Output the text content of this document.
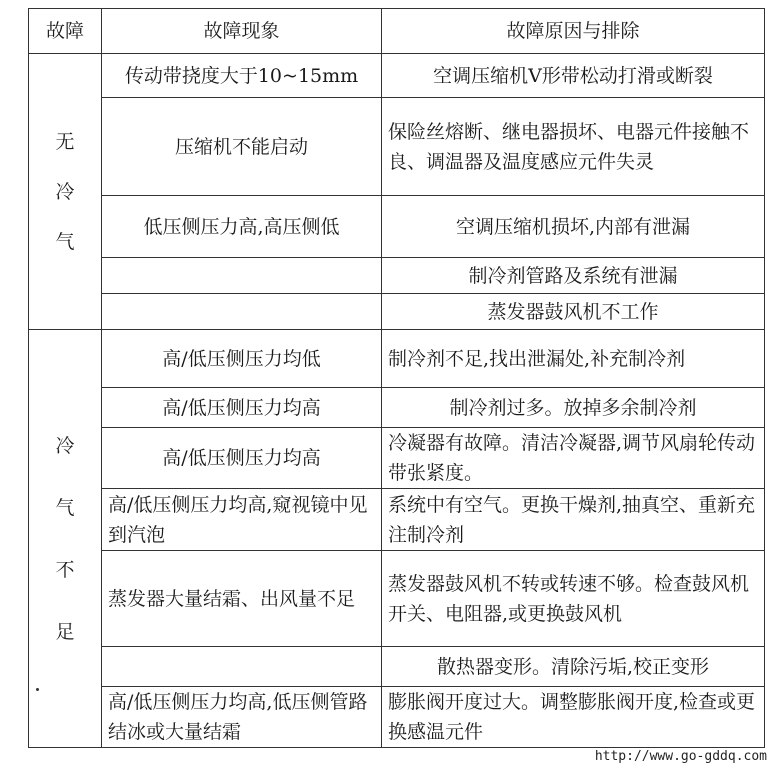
故障	故障现象	故障原因与排除

无
冷
气	传动带挠度大于10~15mm	空调压缩机V形带松动打滑或断裂
	压缩机不能启动	保险丝熔断、继电器损坏、电器元件接触不良、调温器及温度感应元件失灵
	低压侧压力高,高压侧低	空调压缩机损坏,内部有泄漏
		制冷剂管路及系统有泄漏
		蒸发器鼓风机不工作

冷
气
不
足	高/低压侧压力均低	制冷剂不足,找出泄漏处,补充制冷剂
	高/低压侧压力均高	制冷剂过多。放掉多余制冷剂
	高/低压侧压力均高	冷凝器有故障。清洁冷凝器,调节风扇轮传动带张紧度。
	高/低压侧压力均高,窥视镜中见到汽泡	系统中有空气。更换干燥剂,抽真空、重新充注制冷剂
	蒸发器大量结霜、出风量不足	蒸发器鼓风机不转或转速不够。检查鼓风机开关、电阻器,或更换鼓风机
		散热器变形。清除污垢,校正变形
	高/低压侧压力均高,低压侧管路结冰或大量结霜	膨胀阀开度过大。调整膨胀阀开度,检查或更换感温元件
http://www.go-gddq.com
